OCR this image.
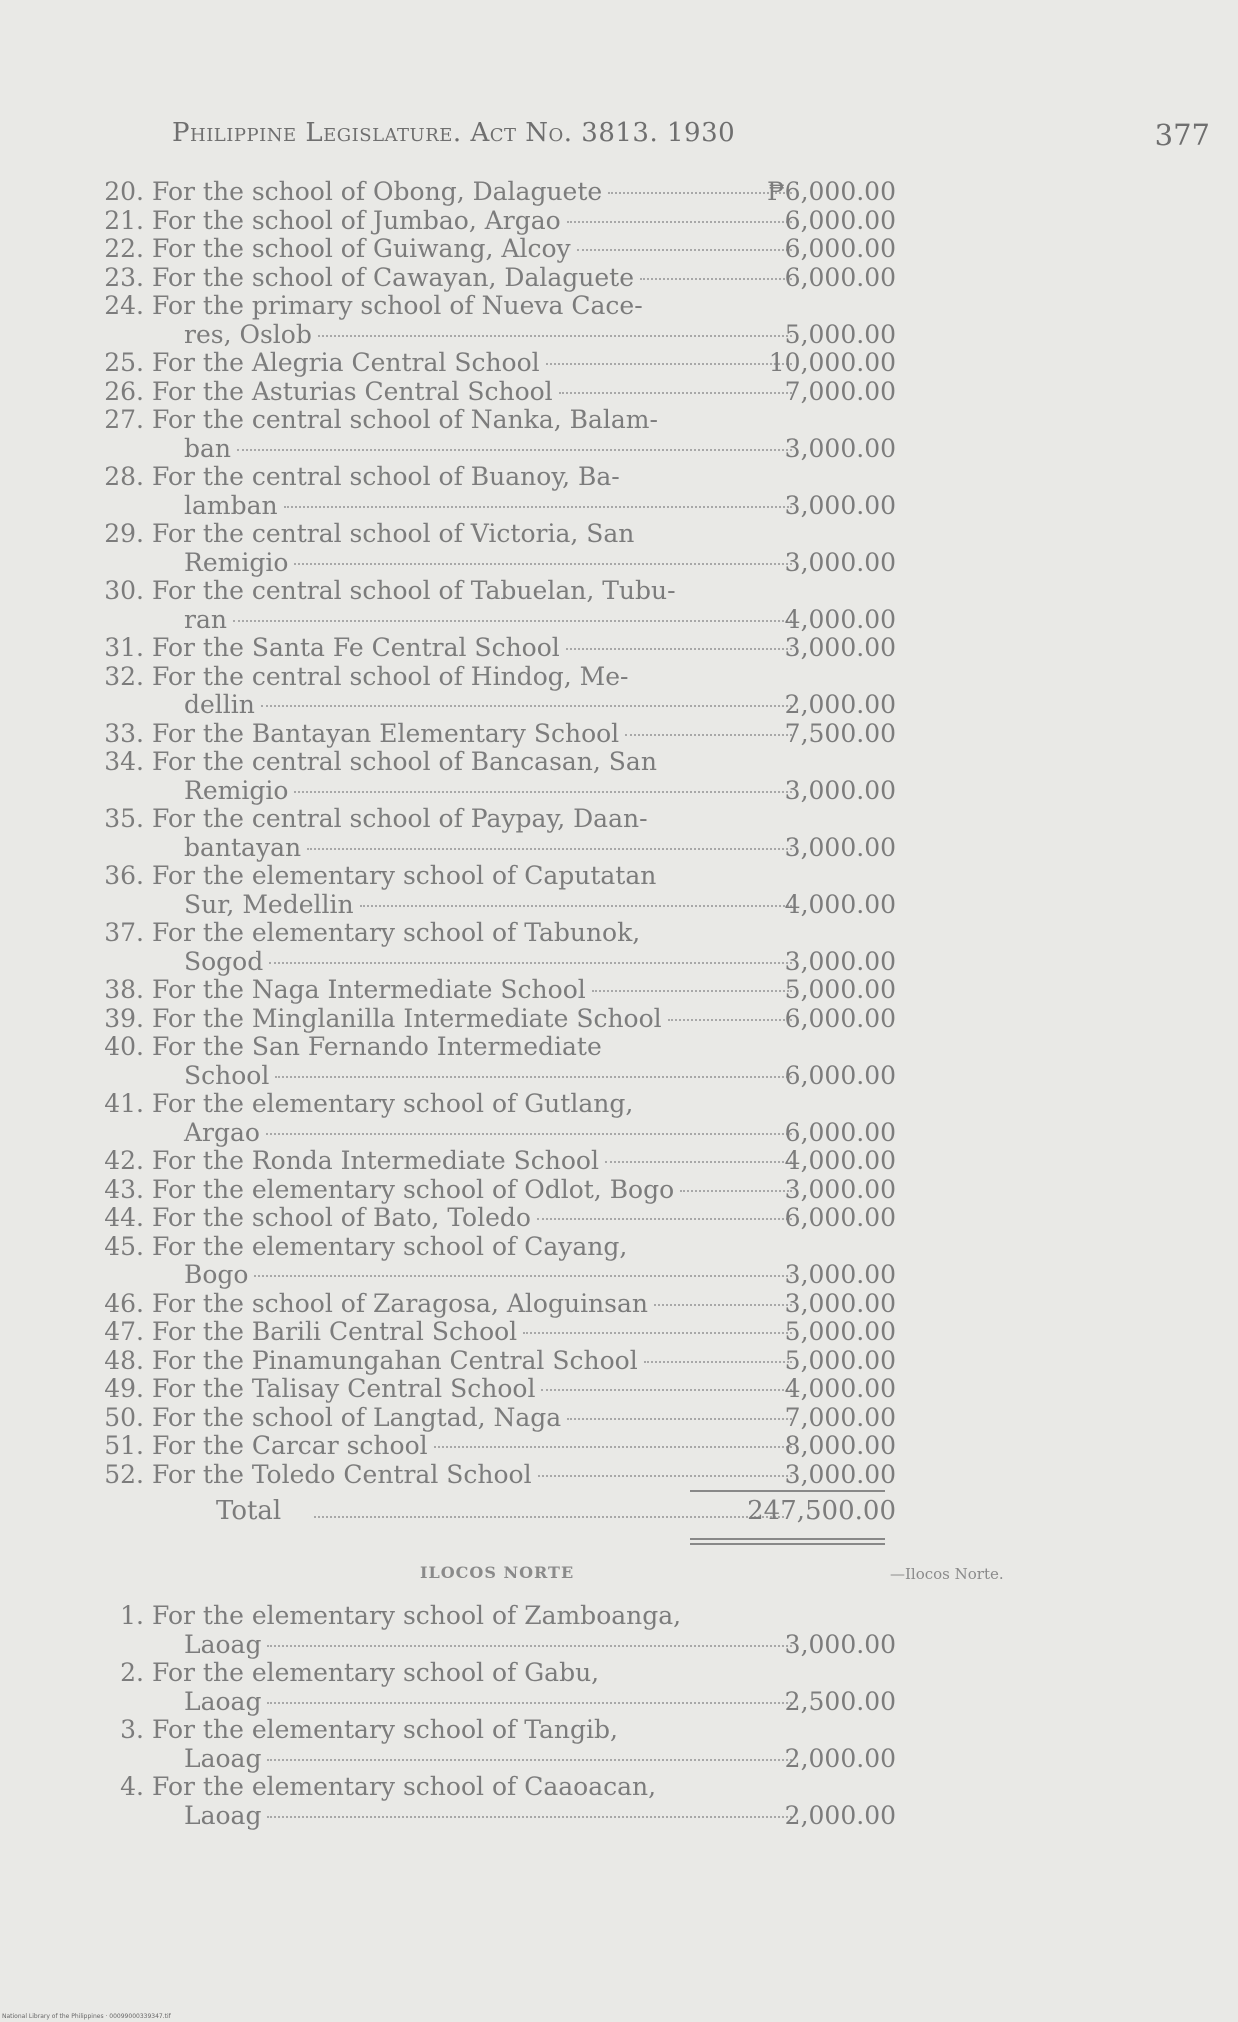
Philippine Legislature. Act No. 3813. 1930	377
20. For the school of Obong, Dalaguete	₱6,000.00
21. For the school of Jumbao, Argao	6,000.00
22. For the school of Guiwang, Alcoy	6,000.00
23. For the school of Cawayan, Dalaguete	6,000.00
24. For the primary school of Nueva Cace-
res, Oslob	5,000.00
25. For the Alegria Central School	10,000.00
26. For the Asturias Central School	7,000.00
27. For the central school of Nanka, Balam-
ban	3,000.00
28. For the central school of Buanoy, Ba-
lamban	3,000.00
29. For the central school of Victoria, San
Remigio	3,000.00
30. For the central school of Tabuelan, Tubu-
ran	4,000.00
31. For the Santa Fe Central School	3,000.00
32. For the central school of Hindog, Me-
dellin	2,000.00
33. For the Bantayan Elementary School	7,500.00
34. For the central school of Bancasan, San
Remigio	3,000.00
35. For the central school of Paypay, Daan-
bantayan	3,000.00
36. For the elementary school of Caputatan
Sur, Medellin	4,000.00
37. For the elementary school of Tabunok,
Sogod	3,000.00
38. For the Naga Intermediate School	5,000.00
39. For the Minglanilla Intermediate School	6,000.00
40. For the San Fernando Intermediate
School	6,000.00
41. For the elementary school of Gutlang,
Argao	6,000.00
42. For the Ronda Intermediate School	4,000.00
43. For the elementary school of Odlot, Bogo	3,000.00
44. For the school of Bato, Toledo	6,000.00
45. For the elementary school of Cayang,
Bogo	3,000.00
46. For the school of Zaragosa, Aloguinsan	3,000.00
47. For the Barili Central School	5,000.00
48. For the Pinamungahan Central School	5,000.00
49. For the Talisay Central School	4,000.00
50. For the school of Langtad, Naga	7,000.00
51. For the Carcar school	8,000.00
52. For the Toledo Central School	3,000.00
Total	247,500.00
ILOCOS NORTE	—Ilocos Norte.
1. For the elementary school of Zamboanga,
Laoag	3,000.00
2. For the elementary school of Gabu,
Laoag	2,500.00
3. For the elementary school of Tangib,
Laoag	2,000.00
4. For the elementary school of Caaoacan,
Laoag	2,000.00
National Library of the Philippines · 00099000339347.tif
